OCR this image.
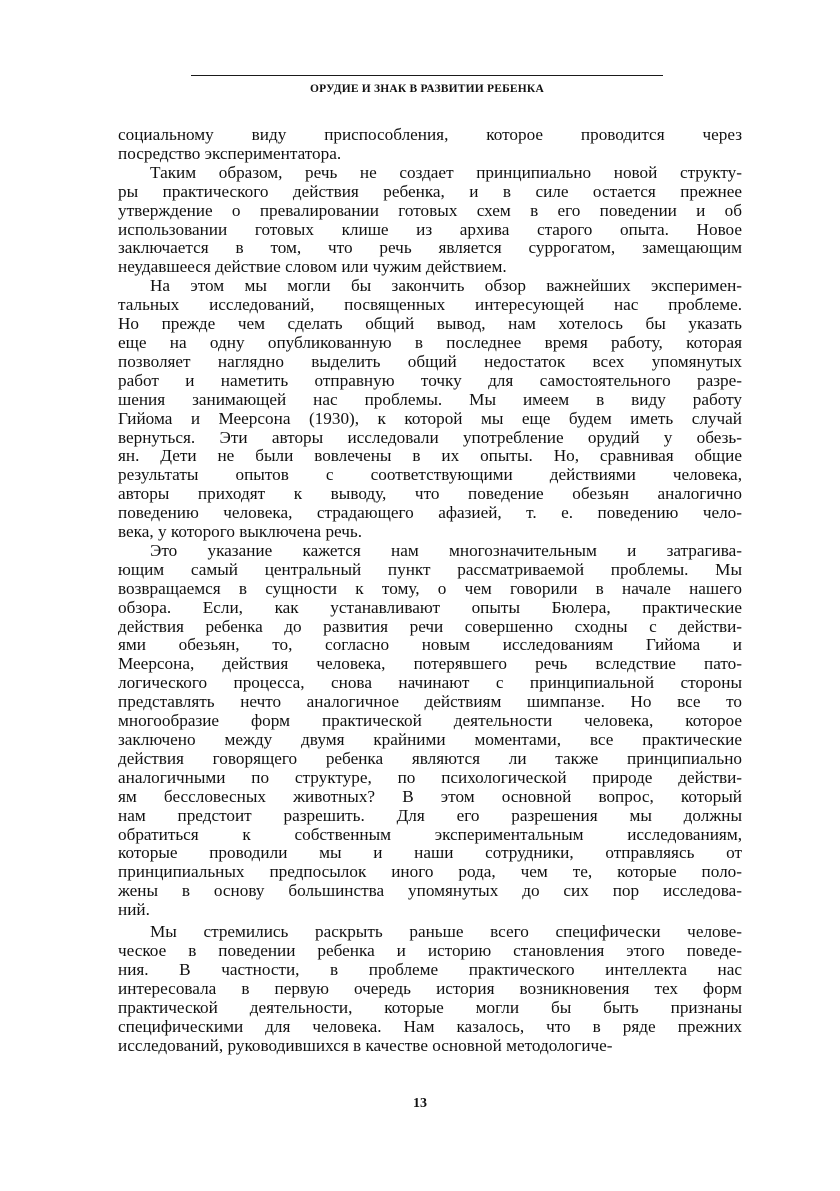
ОРУДИЕ И ЗНАК В РАЗВИТИИ РЕБЕНКА
социальному виду приспособления, которое проводится через
посредство экспериментатора.
Таким образом, речь не создает принципиально новой структу-
ры практического действия ребенка, и в силе остается прежнее
утверждение о превалировании готовых схем в его поведении и об
использовании готовых клише из архива старого опыта. Новое
заключается в том, что речь является суррогатом, замещающим
неудавшееся действие словом или чужим действием.
На этом мы могли бы закончить обзор важнейших эксперимен-
тальных исследований, посвященных интересующей нас проблеме.
Но прежде чем сделать общий вывод, нам хотелось бы указать
еще на одну опубликованную в последнее время работу, которая
позволяет наглядно выделить общий недостаток всех упомянутых
работ и наметить отправную точку для самостоятельного разре-
шения занимающей нас проблемы. Мы имеем в виду работу
Гийома и Меерсона (1930), к которой мы еще будем иметь случай
вернуться. Эти авторы исследовали употребление орудий у обезь-
ян. Дети не были вовлечены в их опыты. Но, сравнивая общие
результаты опытов с соответствующими действиями человека,
авторы приходят к выводу, что поведение обезьян аналогично
поведению человека, страдающего афазией, т. е. поведению чело-
века, у которого выключена речь.
Это указание кажется нам многозначительным и затрагива-
ющим самый центральный пункт рассматриваемой проблемы. Мы
возвращаемся в сущности к тому, о чем говорили в начале нашего
обзора. Если, как устанавливают опыты Бюлера, практические
действия ребенка до развития речи совершенно сходны с действи-
ями обезьян, то, согласно новым исследованиям Гийома и
Меерсона, действия человека, потерявшего речь вследствие пато-
логического процесса, снова начинают с принципиальной стороны
представлять нечто аналогичное действиям шимпанзе. Но все то
многообразие форм практической деятельности человека, которое
заключено между двумя крайними моментами, все практические
действия говорящего ребенка являются ли также принципиально
аналогичными по структуре, по психологической природе действи-
ям бессловесных животных? В этом основной вопрос, который
нам предстоит разрешить. Для его разрешения мы должны
обратиться к собственным экспериментальным исследованиям,
которые проводили мы и наши сотрудники, отправляясь от
принципиальных предпосылок иного рода, чем те, которые поло-
жены в основу большинства упомянутых до сих пор исследова-
ний.
Мы стремились раскрыть раньше всего специфически челове-
ческое в поведении ребенка и историю становления этого поведе-
ния. В частности, в проблеме практического интеллекта нас
интересовала в первую очередь история возникновения тех форм
практической деятельности, которые могли бы быть признаны
специфическими для человека. Нам казалось, что в ряде прежних
исследований, руководившихся в качестве основной методологиче-
13
